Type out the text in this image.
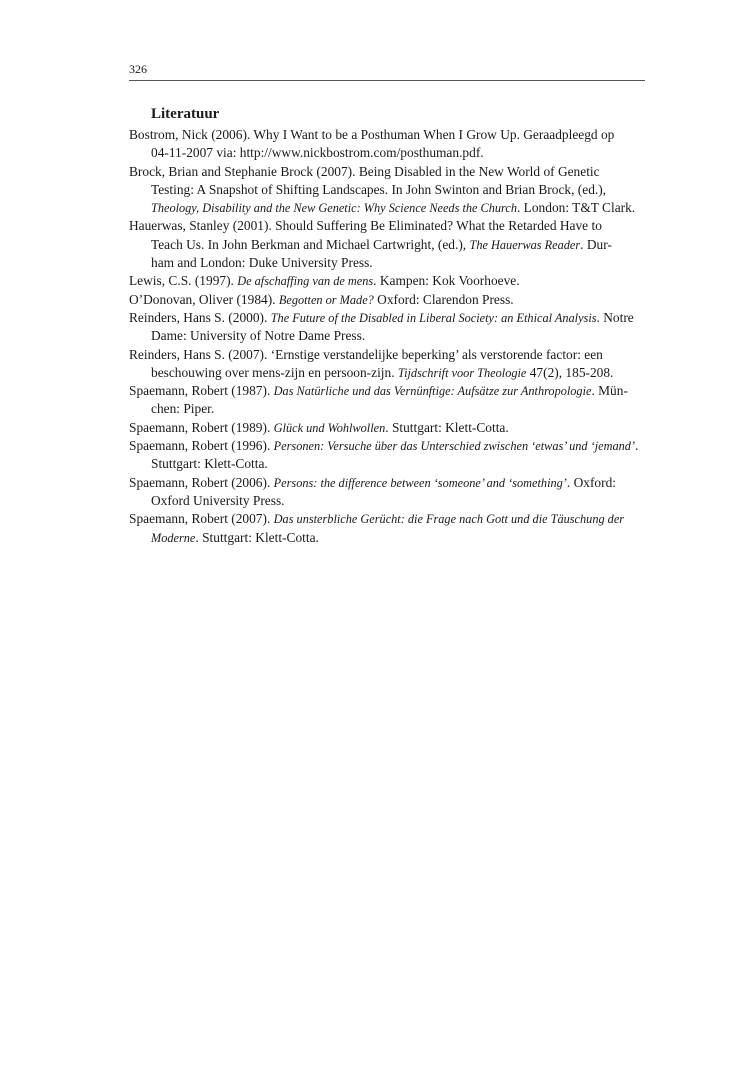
326
Literatuur
Bostrom, Nick (2006). Why I Want to be a Posthuman When I Grow Up. Geraadpleegd op
04-11-2007 via: http://www.nickbostrom.com/posthuman.pdf.
Brock, Brian and Stephanie Brock (2007). Being Disabled in the New World of Genetic
Testing: A Snapshot of Shifting Landscapes. In John Swinton and Brian Brock, (ed.),
Theology, Disability and the New Genetic: Why Science Needs the Church. London: T&T Clark.
Hauerwas, Stanley (2001). Should Suffering Be Eliminated? What the Retarded Have to
Teach Us. In John Berkman and Michael Cartwright, (ed.), The Hauerwas Reader. Dur-
ham and London: Duke University Press.
Lewis, C.S. (1997). De afschaffing van de mens. Kampen: Kok Voorhoeve.
O’Donovan, Oliver (1984). Begotten or Made? Oxford: Clarendon Press.
Reinders, Hans S. (2000). The Future of the Disabled in Liberal Society: an Ethical Analysis. Notre
Dame: University of Notre Dame Press.
Reinders, Hans S. (2007). ‘Ernstige verstandelijke beperking’ als verstorende factor: een
beschouwing over mens-zijn en persoon-zijn. Tijdschrift voor Theologie 47(2), 185-208.
Spaemann, Robert (1987). Das Natürliche und das Vernünftige: Aufsätze zur Anthropologie. Mün-
chen: Piper.
Spaemann, Robert (1989). Glück und Wohlwollen. Stuttgart: Klett-Cotta.
Spaemann, Robert (1996). Personen: Versuche über das Unterschied zwischen ‘etwas’ und ‘jemand’.
Stuttgart: Klett-Cotta.
Spaemann, Robert (2006). Persons: the difference between ‘someone’ and ‘something’. Oxford:
Oxford University Press.
Spaemann, Robert (2007). Das unsterbliche Gerücht: die Frage nach Gott und die Täuschung der
Moderne. Stuttgart: Klett-Cotta.
